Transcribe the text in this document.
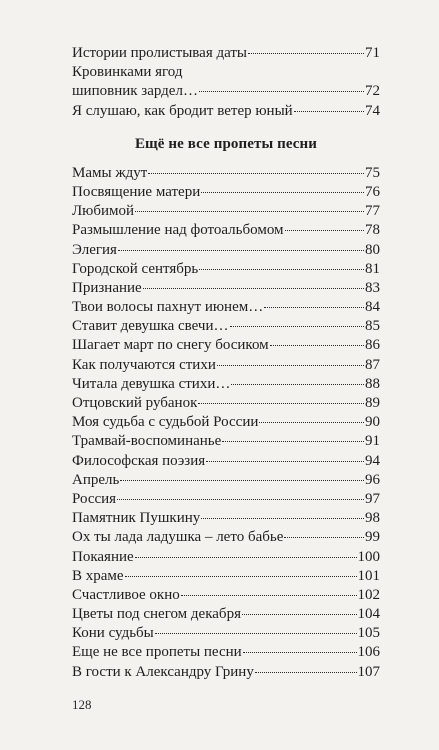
Истории пролистывая даты	71
Кровинками ягод
шиповник зардел…	72
Я слушаю, как бродит ветер юный	74
Ещё не все пропеты песни
Мамы ждут	75
Посвящение матери	76
Любимой	77
Размышление над фотоальбомом	78
Элегия	80
Городской сентябрь	81
Признание	83
Твои волосы пахнут июнем…	84
Ставит девушка свечи…	85
Шагает март по снегу босиком	86
Как получаются стихи	87
Читала девушка стихи…	88
Отцовский рубанок	89
Моя судьба с судьбой России	90
Трамвай-воспоминанье	91
Философская поэзия	94
Апрель	96
Россия	97
Памятник Пушкину	98
Ох ты лада ладушка – лето бабье	99
Покаяние	100
В храме	101
Счастливое окно	102
Цветы под снегом декабря	104
Кони судьбы	105
Еще не все пропеты песни	106
В гости к Александру Грину	107
128
